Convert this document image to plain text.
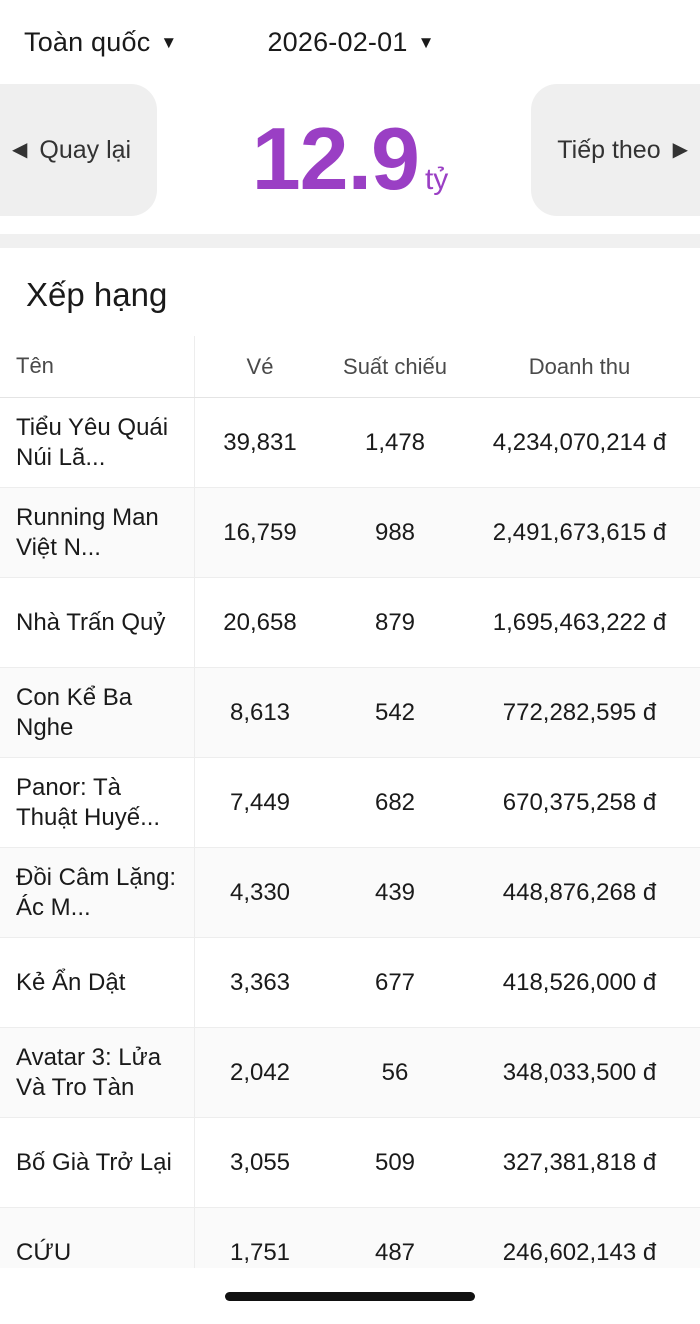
Toàn quốc ▼	2026-02-01 ▼
◀ Quay lại 12.9 tỷ
Tiếp theo ▶
Xếp hạng
Tên	Vé	Suất chiếu	Doanh thu
Tiểu Yêu Quái Núi Lã...
39,831	1,478	4,234,070,214 đ
Running Man Việt N...
16,759	988	2,491,673,615 đ
Nhà Trấn Quỷ	20,658	879	1,695,463,222 đ
Con Kể Ba Nghe
8,613	542	772,282,595 đ
Panor: Tà Thuật Huyế...
7,449	682	670,375,258 đ
Đồi Câm Lặng: Ác M...
4,330	439	448,876,268 đ
Kẻ Ẩn Dật	3,363	677	418,526,000 đ
Avatar 3: Lửa Và Tro Tàn
2,042	56	348,033,500 đ
Bố Già Trở Lại	3,055	509	327,381,818 đ
CỨU	1,751	487	246,602,143 đ
